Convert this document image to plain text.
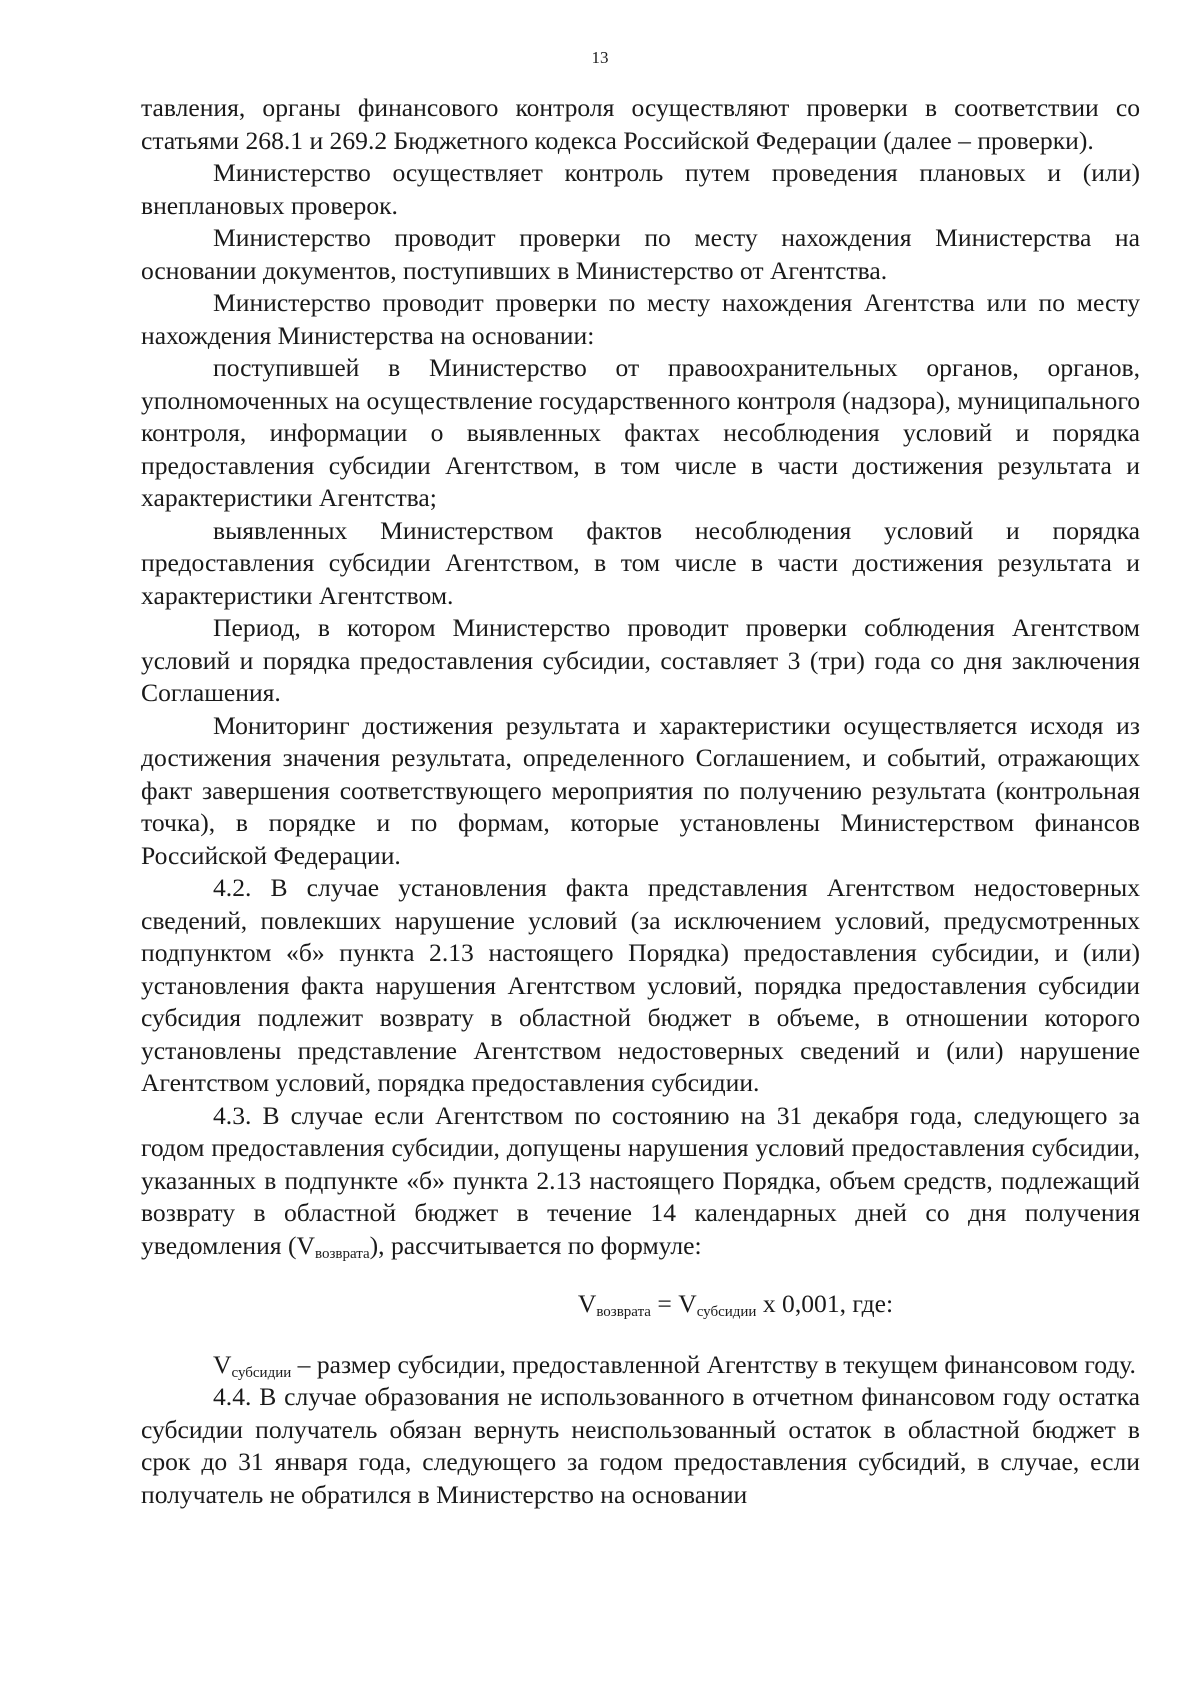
13

тавления, органы финансового контроля осуществляют проверки в соответствии со статьями 268.1 и 269.2 Бюджетного кодекса Российской Федерации (далее – проверки).

Министерство осуществляет контроль путем проведения плановых и (или) внеплановых проверок.

Министерство проводит проверки по месту нахождения Министерства на основании документов, поступивших в Министерство от Агентства.

Министерство проводит проверки по месту нахождения Агентства или по месту нахождения Министерства на основании:

поступившей в Министерство от правоохранительных органов, органов, уполномоченных на осуществление государственного контроля (надзора), муниципального контроля, информации о выявленных фактах несоблюдения условий и порядка предоставления субсидии Агентством, в том числе в части достижения результата и характеристики Агентства;

выявленных Министерством фактов несоблюдения условий и порядка предоставления субсидии Агентством, в том числе в части достижения результата и характеристики Агентством.

Период, в котором Министерство проводит проверки соблюдения Агентством условий и порядка предоставления субсидии, составляет 3 (три) года со дня заключения Соглашения.

Мониторинг достижения результата и характеристики осуществляется исходя из достижения значения результата, определенного Соглашением, и событий, отражающих факт завершения соответствующего мероприятия по получению результата (контрольная точка), в порядке и по формам, которые установлены Министерством финансов Российской Федерации.

4.2. В случае установления факта представления Агентством недостоверных сведений, повлекших нарушение условий (за исключением условий, предусмотренных подпунктом «б» пункта 2.13 настоящего Порядка) предоставления субсидии, и (или) установления факта нарушения Агентством условий, порядка предоставления субсидии субсидия подлежит возврату в областной бюджет в объеме, в отношении которого установлены представление Агентством недостоверных сведений и (или) нарушение Агентством условий, порядка предоставления субсидии.

4.3. В случае если Агентством по состоянию на 31 декабря года, следующего за годом предоставления субсидии, допущены нарушения условий предоставления субсидии, указанных в подпункте «б» пункта 2.13 настоящего Порядка, объем средств, подлежащий возврату в областной бюджет в течение 14 календарных дней со дня получения уведомления $(V_{возврата})$, рассчитывается по формуле:

$V_{возврата} = V_{субсидии}$ х 0,001, где:

$V_{субсидии}$ – размер субсидии, предоставленной Агентству в текущем финансовом году.

4.4. В случае образования не использованного в отчетном финансовом году остатка субсидии получатель обязан вернуть неиспользованный остаток в областной бюджет в срок до 31 января года, следующего за годом предоставления субсидий, в случае, если получатель не обратился в Министерство на основании
